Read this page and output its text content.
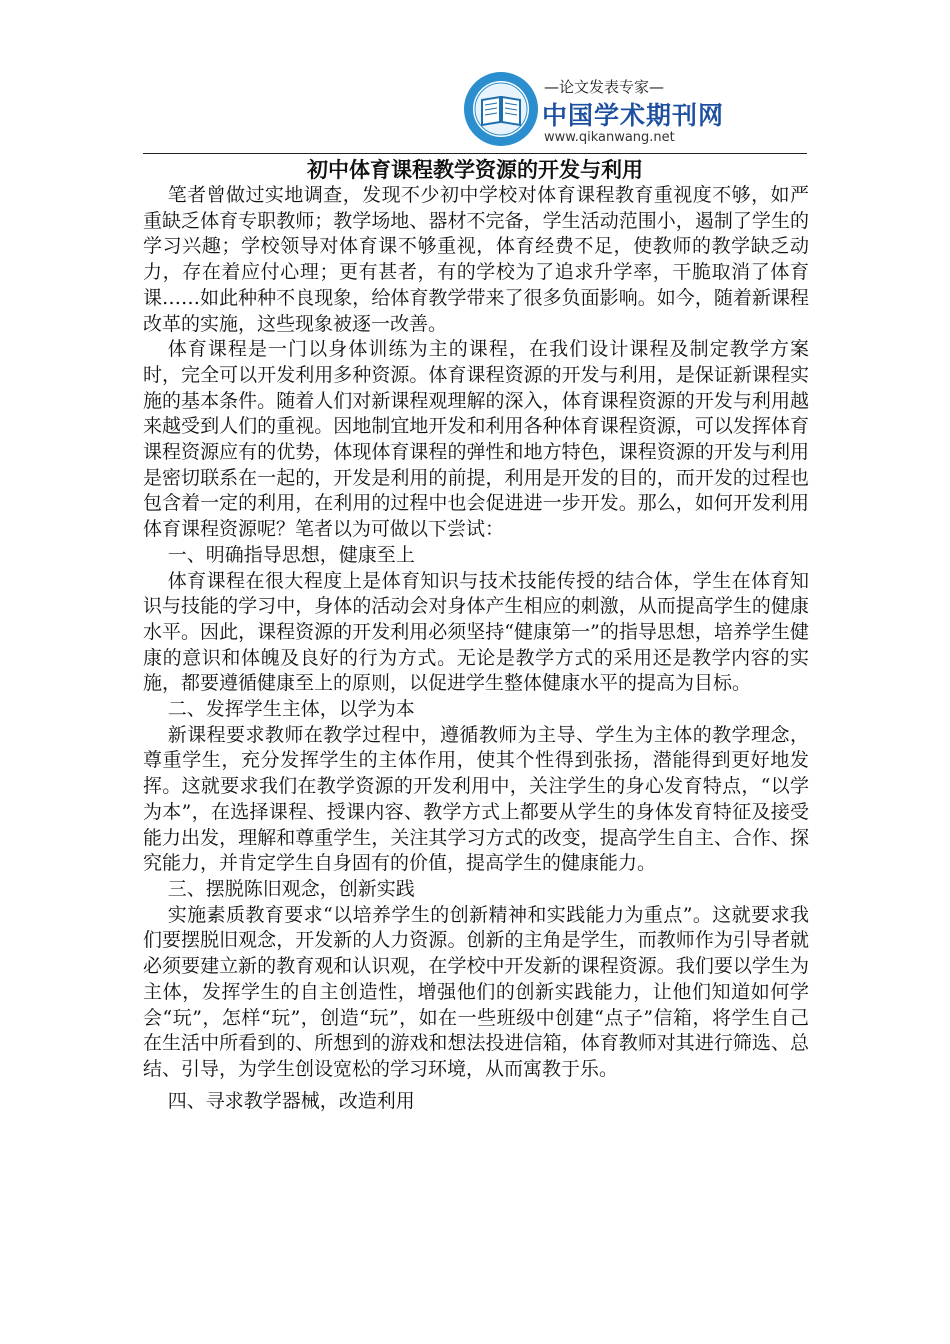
—论文发表专家—
中国学术期刊网
www.qikanwang.net
初中体育课程教学资源的开发与利用

笔者曾做过实地调查，发现不少初中学校对体育课程教育重视度不够，如严重缺乏体育专职教师；教学场地、器材不完备，学生活动范围小，遏制了学生的学习兴趣；学校领导对体育课不够重视，体育经费不足，使教师的教学缺乏动力，存在着应付心理；更有甚者，有的学校为了追求升学率，干脆取消了体育课……如此种种不良现象，给体育教学带来了很多负面影响。如今，随着新课程改革的实施，这些现象被逐一改善。

体育课程是一门以身体训练为主的课程，在我们设计课程及制定教学方案时，完全可以开发利用多种资源。体育课程资源的开发与利用，是保证新课程实施的基本条件。随着人们对新课程观理解的深入，体育课程资源的开发与利用越来越受到人们的重视。因地制宜地开发和利用各种体育课程资源，可以发挥体育课程资源应有的优势，体现体育课程的弹性和地方特色，课程资源的开发与利用是密切联系在一起的，开发是利用的前提，利用是开发的目的，而开发的过程也包含着一定的利用，在利用的过程中也会促进进一步开发。那么，如何开发利用体育课程资源呢？笔者以为可做以下尝试：

一、明确指导思想，健康至上

体育课程在很大程度上是体育知识与技术技能传授的结合体，学生在体育知识与技能的学习中，身体的活动会对身体产生相应的刺激，从而提高学生的健康水平。因此，课程资源的开发利用必须坚持“健康第一”的指导思想，培养学生健康的意识和体魄及良好的行为方式。无论是教学方式的采用还是教学内容的实施，都要遵循健康至上的原则，以促进学生整体健康水平的提高为目标。

二、发挥学生主体，以学为本

新课程要求教师在教学过程中，遵循教师为主导、学生为主体的教学理念，尊重学生，充分发挥学生的主体作用，使其个性得到张扬，潜能得到更好地发挥。这就要求我们在教学资源的开发利用中，关注学生的身心发育特点，“以学为本”，在选择课程、授课内容、教学方式上都要从学生的身体发育特征及接受能力出发，理解和尊重学生，关注其学习方式的改变，提高学生自主、合作、探究能力，并肯定学生自身固有的价值，提高学生的健康能力。

三、摆脱陈旧观念，创新实践

实施素质教育要求“以培养学生的创新精神和实践能力为重点”。这就要求我们要摆脱旧观念，开发新的人力资源。创新的主角是学生，而教师作为引导者就必须要建立新的教育观和认识观，在学校中开发新的课程资源。我们要以学生为主体，发挥学生的自主创造性，增强他们的创新实践能力，让他们知道如何学会“玩”，怎样“玩”，创造“玩”，如在一些班级中创建“点子”信箱，将学生自己在生活中所看到的、所想到的游戏和想法投进信箱，体育教师对其进行筛选、总结、引导，为学生创设宽松的学习环境，从而寓教于乐。

四、寻求教学器械，改造利用
